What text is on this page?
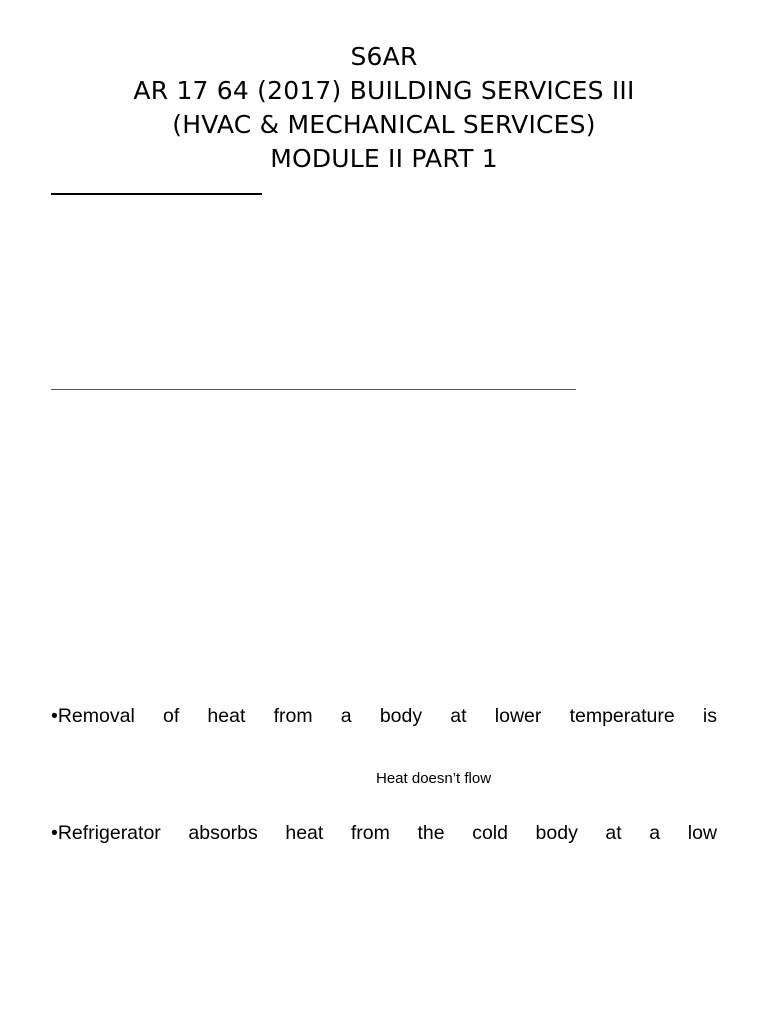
S6AR
AR 17 64 (2017) BUILDING SERVICES III
(HVAC & MECHANICAL SERVICES)
MODULE II PART 1
•Removal of heat from a body at lower temperature is
Heat doesn’t flow
•Refrigerator absorbs heat from the cold body at a low
